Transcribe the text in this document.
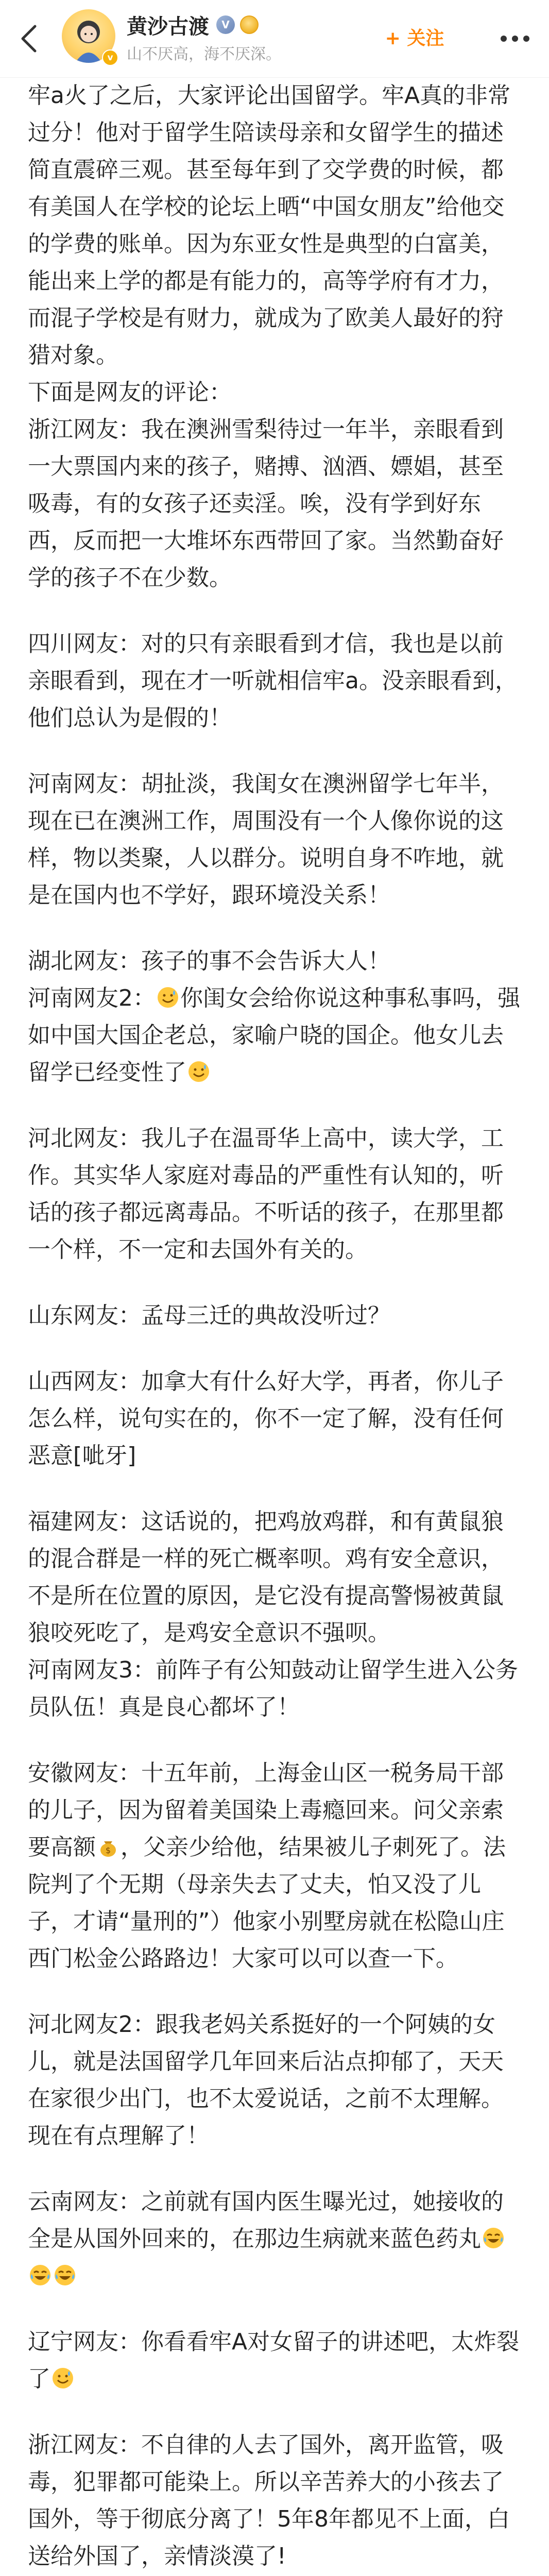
v
黄沙古渡	V
山不厌高，海不厌深。
+ 关注

牢a火了之后，大家评论出国留学。牢A真的非常过分！他对于留学生陪读母亲和女留学生的描述简直震碎三观。甚至每年到了交学费的时候，都有美国人在学校的论坛上晒“中国女朋友”给他交的学费的账单。因为东亚女性是典型的白富美，能出来上学的都是有能力的，高等学府有才力，而混子学校是有财力，就成为了欧美人最好的狩猎对象。

下面是网友的评论：

浙江网友：我在澳洲雪梨待过一年半，亲眼看到一大票国内来的孩子，赌搏、汹酒、嫖娼，甚至吸毒，有的女孩子还卖淫。唉，没有学到好东西，反而把一大堆坏东西带回了家。当然勤奋好学的孩子不在少数。

四川网友：对的只有亲眼看到才信，我也是以前亲眼看到，现在才一听就相信牢a。没亲眼看到，他们总认为是假的！

河南网友：胡扯淡，我闺女在澳洲留学七年半，现在已在澳洲工作，周围没有一个人像你说的这样，物以类聚，人以群分。说明自身不咋地，就是在国内也不学好，跟环境没关系！

湖北网友：孩子的事不会告诉大人！

河南网友2： 你闺女会给你说这种事私事吗，强如中国大国企老总，家喻户晓的国企。他女儿去留学已经变性了

河北网友：我儿子在温哥华上高中，读大学，工作。其实华人家庭对毒品的严重性有认知的，听话的孩子都远离毒品。不听话的孩子，在那里都一个样，不一定和去国外有关的。

山东网友：孟母三迁的典故没听过？

山西网友：加拿大有什么好大学，再者，你儿子怎么样，说句实在的，你不一定了解，没有任何恶意[呲牙]

福建网友：这话说的，把鸡放鸡群，和有黄鼠狼的混合群是一样的死亡概率呗。鸡有安全意识，不是所在位置的原因，是它没有提高警惕被黄鼠狼咬死吃了，是鸡安全意识不强呗。

河南网友3：前阵子有公知鼓动让留学生进入公务员队伍！真是良心都坏了！

安徽网友：十五年前，上海金山区一税务局干部的儿子，因为留着美国染上毒瘾回来。问父亲索要高额 $ ，父亲少给他，结果被儿子刺死了。法院判了个无期（母亲失去了丈夫，怕又没了儿子，才请“量刑的”）他家小别墅房就在松隐山庄西门松金公路路边！大家可以可以查一下。

河北网友2：跟我老妈关系挺好的一个阿姨的女儿，就是法国留学几年回来后沾点抑郁了，天天在家很少出门，也不太爱说话，之前不太理解。现在有点理解了！

云南网友：之前就有国内医生曝光过，她接收的全是从国外回来的，在那边生病就来蓝色药丸

辽宁网友：你看看牢A对女留子的讲述吧，太炸裂了

浙江网友：不自律的人去了国外，离开监管，吸毒，犯罪都可能染上。所以辛苦养大的小孩去了国外，等于彻底分离了！5年8年都见不上面，白送给外国了，亲情淡漠了!
